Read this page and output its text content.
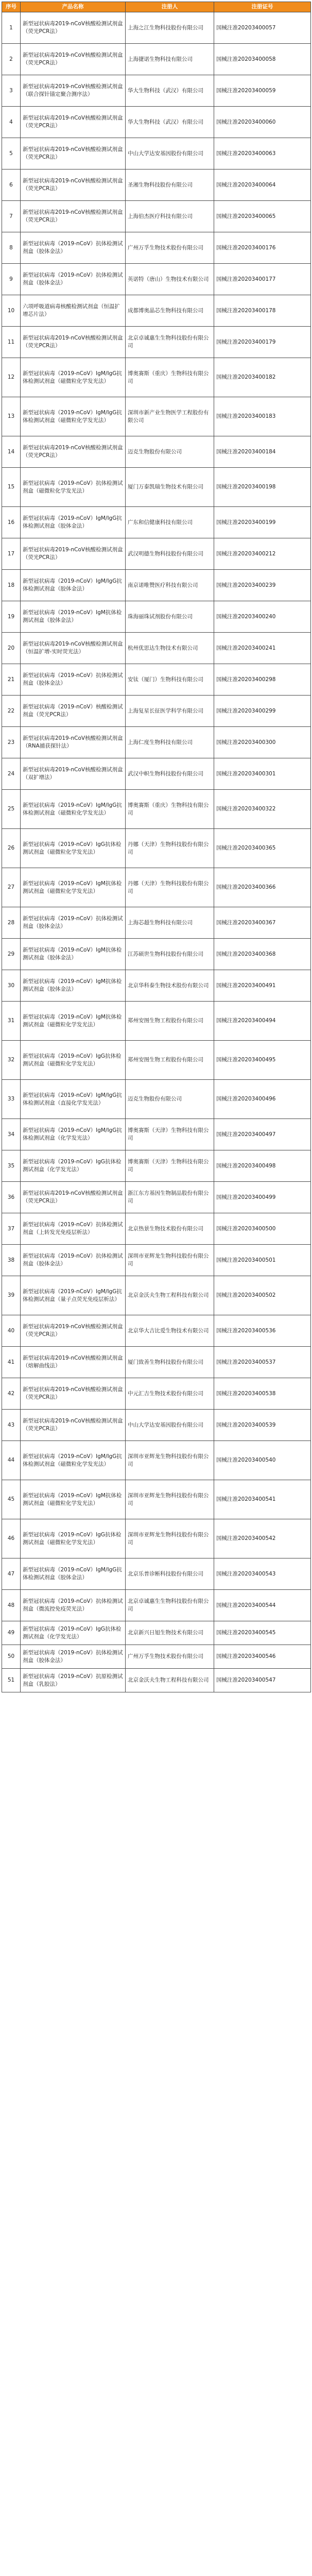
序号	产品名称	注册人	注册证号
1	新型冠状病毒2019-nCoV核酸检测试剂盒（荧光PCR法）	上海之江生物科技股份有限公司	国械注准20203400057
2	新型冠状病毒2019-nCoV核酸检测试剂盒（荧光PCR法）	上海捷诺生物科技有限公司	国械注准20203400058
3	新型冠状病毒2019-nCoV核酸检测试剂盒（联合探针锚定聚合测序法）	华大生物科技（武汉）有限公司	国械注准20203400059
4	新型冠状病毒2019-nCoV核酸检测试剂盒（荧光PCR法）	华大生物科技（武汉）有限公司	国械注准20203400060
5	新型冠状病毒2019-nCoV核酸检测试剂盒（荧光PCR法）	中山大学达安基因股份有限公司	国械注准20203400063
6	新型冠状病毒2019-nCoV核酸检测试剂盒（荧光PCR法）	圣湘生物科技股份有限公司	国械注准20203400064
7	新型冠状病毒2019-nCoV核酸检测试剂盒（荧光PCR法）	上海伯杰医疗科技有限公司	国械注准20203400065
8	新型冠状病毒（2019-nCoV）抗体检测试剂盒（胶体金法）	广州万孚生物技术股份有限公司	国械注准20203400176
9	新型冠状病毒（2019-nCoV）抗体检测试剂盒（胶体金法）	英诺特（唐山）生物技术有限公司	国械注准20203400177
10	六项呼吸道病毒核酸检测试剂盒（恒温扩增芯片法）	成都博奥晶芯生物科技有限公司	国械注准20203400178
11	新型冠状病毒2019-nCoV核酸检测试剂盒（荧光PCR法）	北京卓诚惠生生物科技股份有限公司	国械注准20203400179
12	新型冠状病毒（2019-nCoV）IgM/IgG抗体检测试剂盒（磁微粒化学发光法）	博奥赛斯（重庆）生物科技有限公司	国械注准20203400182
13	新型冠状病毒（2019-nCoV）IgM/IgG抗体检测试剂盒（磁微粒化学发光法）	深圳市新产业生物医学工程股份有限公司	国械注准20203400183
14	新型冠状病毒2019-nCoV核酸检测试剂盒（荧光PCR法）	迈克生物股份有限公司	国械注准20203400184
15	新型冠状病毒（2019-nCoV）抗体检测试剂盒（磁微粒化学发光法）	厦门万泰凯瑞生物技术有限公司	国械注准20203400198
16	新型冠状病毒（2019-nCoV）IgM/IgG抗体检测试剂盒（胶体金法）	广东和信健康科技有限公司	国械注准20203400199
17	新型冠状病毒2019-nCoV核酸检测试剂盒（荧光PCR法）	武汉明德生物科技股份有限公司	国械注准20203400212
18	新型冠状病毒（2019-nCoV）IgM/IgG抗体检测试剂盒（胶体金法）	南京诺唯赞医疗科技有限公司	国械注准20203400239
19	新型冠状病毒（2019-nCoV）IgM抗体检测试剂盒（胶体金法）	珠海丽珠试剂股份有限公司	国械注准20203400240
20	新型冠状病毒2019-nCoV核酸检测试剂盒（恒温扩增-实时荧光法）	杭州优思达生物技术有限公司	国械注准20203400241
21	新型冠状病毒（2019-nCoV）抗体检测试剂盒（胶体金法）	安钛（厦门）生物科技有限公司	国械注准20203400298
22	新型冠状病毒（2019-nCoV）核酸检测试剂盒（荧光PCR法）	上海复星长征医学科学有限公司	国械注准20203400299
23	新型冠状病毒2019-nCoV核酸检测试剂盒（RNA捕获探针法）	上海仁度生物科技有限公司	国械注准20203400300
24	新型冠状病毒2019-nCoV核酸检测试剂盒（双扩增法）	武汉中帜生物科技股份有限公司	国械注准20203400301
25	新型冠状病毒（2019-nCoV）IgM/IgG抗体检测试剂盒（磁微粒化学发光法）	博奥赛斯（重庆）生物科技有限公司	国械注准20203400322
26	新型冠状病毒（2019-nCoV）IgG抗体检测试剂盒（磁微粒化学发光法）	丹娜（天津）生物科技股份有限公司	国械注准20203400365
27	新型冠状病毒（2019-nCoV）IgM抗体检测试剂盒（磁微粒化学发光法）	丹娜（天津）生物科技股份有限公司	国械注准20203400366
28	新型冠状病毒（2019-nCoV）抗体检测试剂盒（胶体金法）	上海芯超生物科技有限公司	国械注准20203400367
29	新型冠状病毒（2019-nCoV）IgM抗体检测试剂盒（胶体金法）	江苏硕世生物科技股份有限公司	国械注准20203400368
30	新型冠状病毒（2019-nCoV）IgM抗体检测试剂盒（胶体金法）	北京华科泰生物技术股份有限公司	国械注准20203400491
31	新型冠状病毒（2019-nCoV）IgM抗体检测试剂盒（磁微粒化学发光法）	郑州安图生物工程股份有限公司	国械注准20203400494
32	新型冠状病毒（2019-nCoV）IgG抗体检测试剂盒（磁微粒化学发光法）	郑州安图生物工程股份有限公司	国械注准20203400495
33	新型冠状病毒（2019-nCoV）IgM/IgG抗体检测试剂盒（直接化学发光法）	迈克生物股份有限公司	国械注准20203400496
34	新型冠状病毒（2019-nCoV）IgM/IgG抗体检测试剂盒（化学发光法）	博奥赛斯（天津）生物科技有限公司	国械注准20203400497
35	新型冠状病毒（2019-nCoV）IgG抗体检测试剂盒（化学发光法）	博奥赛斯（天津）生物科技有限公司	国械注准20203400498
36	新型冠状病毒2019-nCoV核酸检测试剂盒（荧光PCR法）	浙江东方基因生物制品股份有限公司	国械注准20203400499
37	新型冠状病毒（2019-nCoV）抗体检测试剂盒（上转发光免疫层析法）	北京热景生物技术股份有限公司	国械注准20203400500
38	新型冠状病毒（2019-nCoV）抗体检测试剂盒（胶体金法）	深圳市亚辉龙生物科技股份有限公司	国械注准20203400501
39	新型冠状病毒（2019-nCoV）IgM/IgG抗体检测试剂盒（量子点荧光免疫层析法）	北京金沃夫生物工程科技有限公司	国械注准20203400502
40	新型冠状病毒2019-nCoV核酸检测试剂盒（荧光PCR法）	北京华大吉比爱生物技术有限公司	国械注准20203400536
41	新型冠状病毒2019-nCoV核酸检测试剂盒（熔解曲线法）	厦门致善生物科技股份有限公司	国械注准20203400537
42	新型冠状病毒2019-nCoV核酸检测试剂盒（荧光PCR法）	中元汇吉生物技术股份有限公司	国械注准20203400538
43	新型冠状病毒2019-nCoV核酸检测试剂盒（荧光PCR法）	中山大学达安基因股份有限公司	国械注准20203400539
44	新型冠状病毒（2019-nCoV）IgM/IgG抗体检测试剂盒（磁微粒化学发光法）	深圳市亚辉龙生物科技股份有限公司	国械注准20203400540
45	新型冠状病毒（2019-nCoV）IgM抗体检测试剂盒（磁微粒化学发光法）	深圳市亚辉龙生物科技股份有限公司	国械注准20203400541
46	新型冠状病毒（2019-nCoV）IgG抗体检测试剂盒（磁微粒化学发光法）	深圳市亚辉龙生物科技股份有限公司	国械注准20203400542
47	新型冠状病毒（2019-nCoV）IgM/IgG抗体检测试剂盒（胶体金法）	北京乐普诊断科技股份有限公司	国械注准20203400543
48	新型冠状病毒（2019-nCoV）抗体检测试剂盒（微流控免疫荧光法）	北京卓诚惠生生物科技股份有限公司	国械注准20203400544
49	新型冠状病毒（2019-nCoV）IgG抗体检测试剂盒（化学发光法）	北京新兴日旭生物技术有限公司	国械注准20203400545
50	新型冠状病毒（2019-nCoV）抗体检测试剂盒（胶体金法）	广州万孚生物技术股份有限公司	国械注准20203400546
51	新型冠状病毒（2019-nCoV）抗原检测试剂盒（乳胶法）	北京金沃夫生物工程科技有限公司	国械注准20203400547
